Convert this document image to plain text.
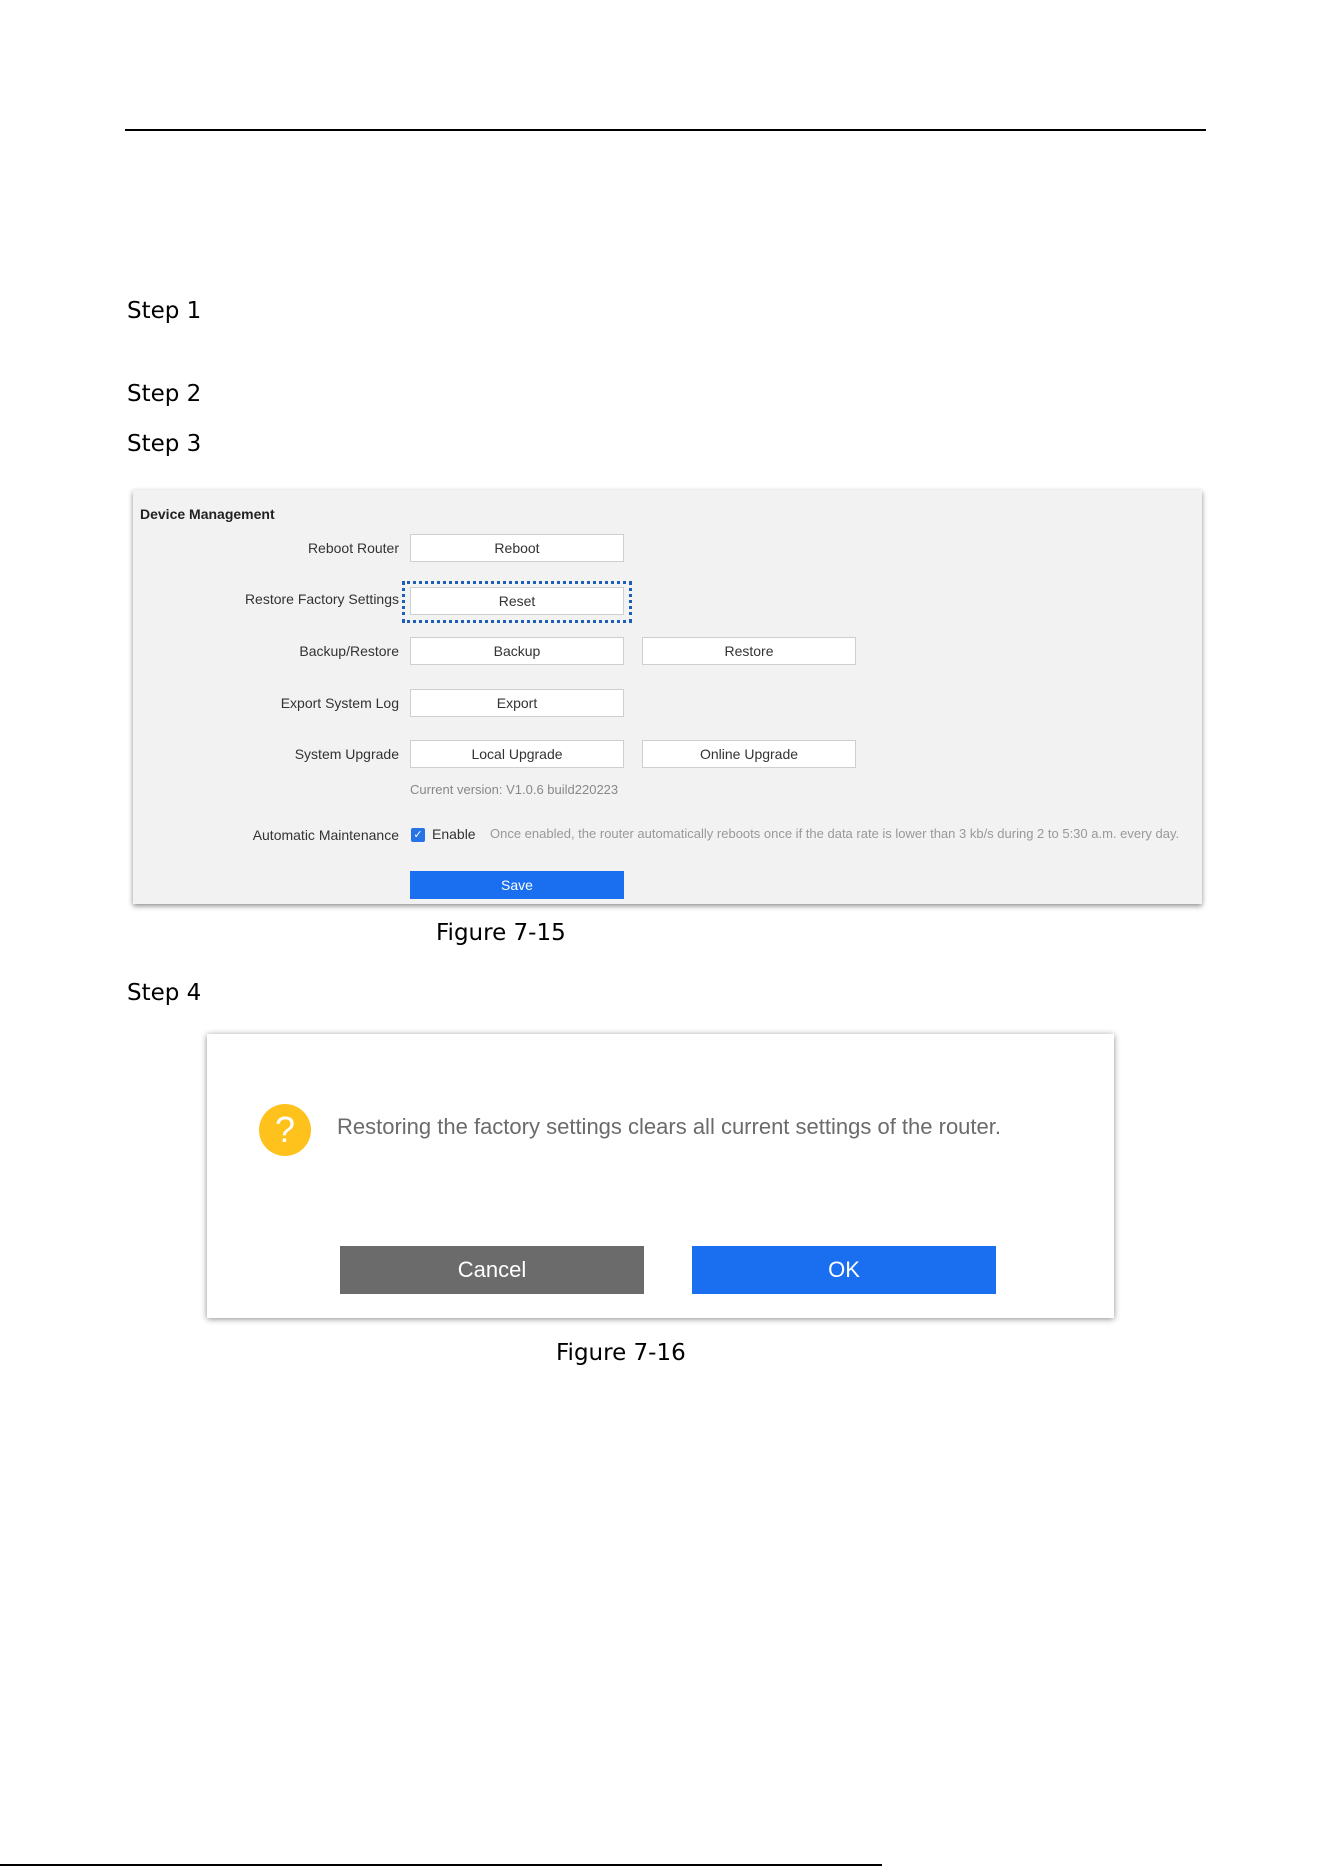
Step 1
Step 2
Step 3
Device Management
Reboot Router	Reboot
Restore Factory Settings	Reset
Backup/Restore	Backup	Restore
Export System Log	Export
System Upgrade	Local Upgrade	Online Upgrade
Current version: V1.0.6 build220223
Automatic Maintenance ✓ Enable Once enabled, the router automatically reboots once if the data rate is lower than 3 kb/s during 2 to 5:30 a.m. every day.
Save
Figure 7-15
Step 4
?	Restoring the factory settings clears all current settings of the router.
Cancel	OK
Figure 7-16
